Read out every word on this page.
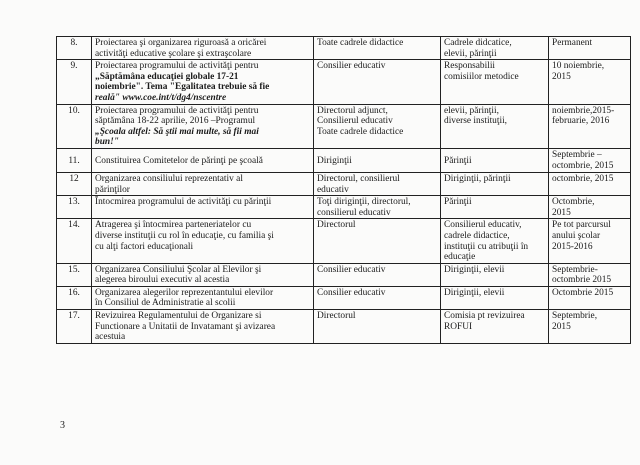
8.	Proiectarea şi organizarea riguroasă a oricărei
activităţi educative şcolare şi extraşcolare	Toate cadrele didactice	Cadrele didcatice,
elevii, părinţii	Permanent

9.	Proiectarea programului de activităţi pentru
„Săptămâna educaţiei globale 17-21
noiembrie". Tema "Egalitatea trebuie să fie
reală" www.coe.int/t/dg4/nscentre	Consilier educativ	Responsabilii
comisiilor metodice	10 noiembrie,
2015

10.	Proiectarea programului de activităţi pentru
săptămâna 18-22 aprilie, 2016 –Programul
„Şcoala altfel: Să ştii mai multe, să fii mai
bun!"	Directorul adjunct,
Consilierul educativ
Toate cadrele didactice	elevii, părinţii,
diverse instituţii,	noiembrie,2015-
februarie, 2016

11.	Constituirea Comitetelor de părinţi pe şcoală	Diriginţii	Părinţii	Septembrie –
octombrie, 2015

12	Organizarea consiliului reprezentativ al
părinţilor	Directorul, consilierul
educativ	Diriginţii, părinţii	octombrie, 2015

13.	Întocmirea programului de activităţi cu părinţii	Toţi diriginţii, directorul,
consilierul educativ	Părinţii	Octombrie,
2015

14.	Atragerea şi întocmirea parteneriatelor cu
diverse instituţii cu rol în educaţie, cu familia şi
cu alţi factori educaţionali	Directorul	Consilierul educativ,
cadrele didactice,
instituţii cu atribuţii în
educaţie	Pe tot parcursul
anului şcolar
2015-2016

15.	Organizarea Consiliului Şcolar al Elevilor şi
alegerea biroului executiv al acestia	Consilier educativ	Diriginţii, elevii	Septembrie-
octombrie 2015

16.	Organizarea alegerilor reprezentantului elevilor
în Consiliul de Administratie al scolii	Consilier educativ	Diriginţii, elevii	Octombrie 2015

17.	Revizuirea Regulamentului de Organizare si
Functionare a Unitatii de Invatamant şi avizarea
acestuia	Directorul	Comisia pt revizuirea
ROFUI	Septembrie,
2015
3
